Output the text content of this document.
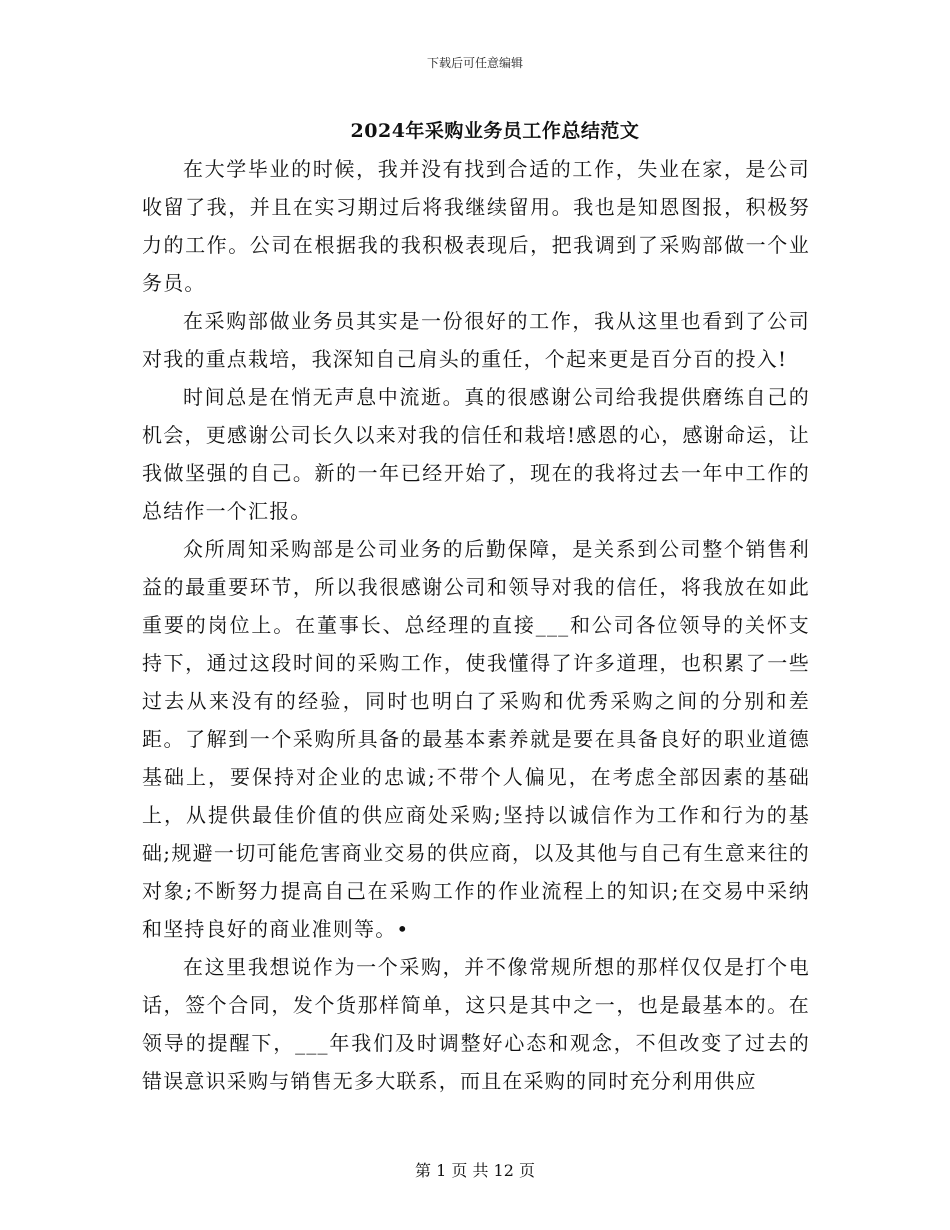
下载后可任意编辑
2024年采购业务员工作总结范文

在大学毕业的时候，我并没有找到合适的工作，失业在家，是公司收留了我，并且在实习期过后将我继续留用。我也是知恩图报，积极努力的工作。公司在根据我的我积极表现后，把我调到了采购部做一个业务员。

在采购部做业务员其实是一份很好的工作，我从这里也看到了公司对我的重点栽培，我深知自己肩头的重任，个起来更是百分百的投入!

时间总是在悄无声息中流逝。真的很感谢公司给我提供磨练自己的机会，更感谢公司长久以来对我的信任和栽培!感恩的心，感谢命运，让我做坚强的自己。新的一年已经开始了，现在的我将过去一年中工作的总结作一个汇报。

众所周知采购部是公司业务的后勤保障，是关系到公司整个销售利益的最重要环节，所以我很感谢公司和领导对我的信任，将我放在如此重要的岗位上。在董事长、总经理的直接___和公司各位领导的关怀支持下，通过这段时间的采购工作，使我懂得了许多道理，也积累了一些过去从来没有的经验，同时也明白了采购和优秀采购之间的分别和差距。了解到一个采购所具备的最基本素养就是要在具备良好的职业道德基础上，要保持对企业的忠诚;不带个人偏见，在考虑全部因素的基础上，从提供最佳价值的供应商处采购;坚持以诚信作为工作和行为的基础;规避一切可能危害商业交易的供应商，以及其他与自己有生意来往的对象;不断努力提高自己在采购工作的作业流程上的知识;在交易中采纳和坚持良好的商业准则等。•

在这里我想说作为一个采购，并不像常规所想的那样仅仅是打个电话，签个合同，发个货那样简单，这只是其中之一，也是最基本的。在领导的提醒下，___年我们及时调整好心态和观念，不但改变了过去的错误意识采购与销售无多大联系，而且在采购的同时充分利用供应

第 1 页 共 12 页
